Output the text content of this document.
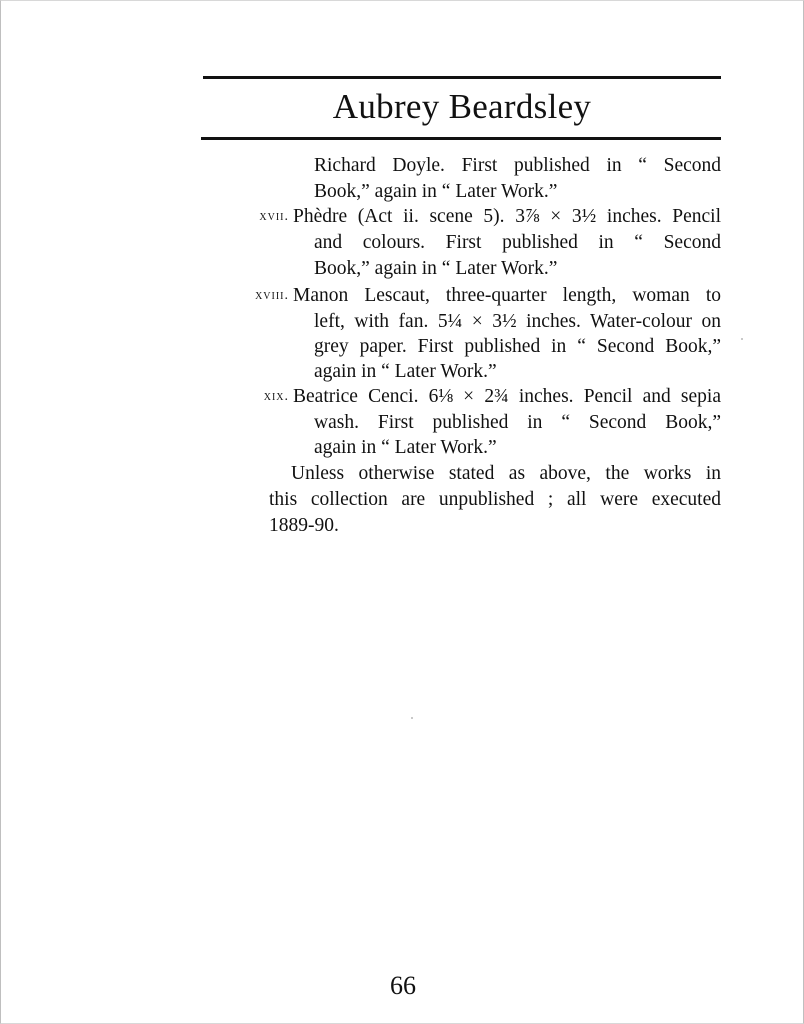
Aubrey Beardsley
Richard Doyle. First published in “ Second
Book,” again in “ Later Work.”
xvii. Phèdre (Act ii. scene 5). 3⅞ × 3½ inches. Pencil
and colours. First published in “ Second
Book,” again in “ Later Work.”
xviii. Manon Lescaut, three-quarter length, woman to
left, with fan. 5¼ × 3½ inches. Water-colour on
grey paper. First published in “ Second Book,”
again in “ Later Work.”
xix. Beatrice Cenci. 6⅛ × 2¾ inches. Pencil and sepia
wash. First published in “ Second Book,”
again in “ Later Work.”
Unless otherwise stated as above, the works in
this collection are unpublished ; all were executed
1889-90.
66
